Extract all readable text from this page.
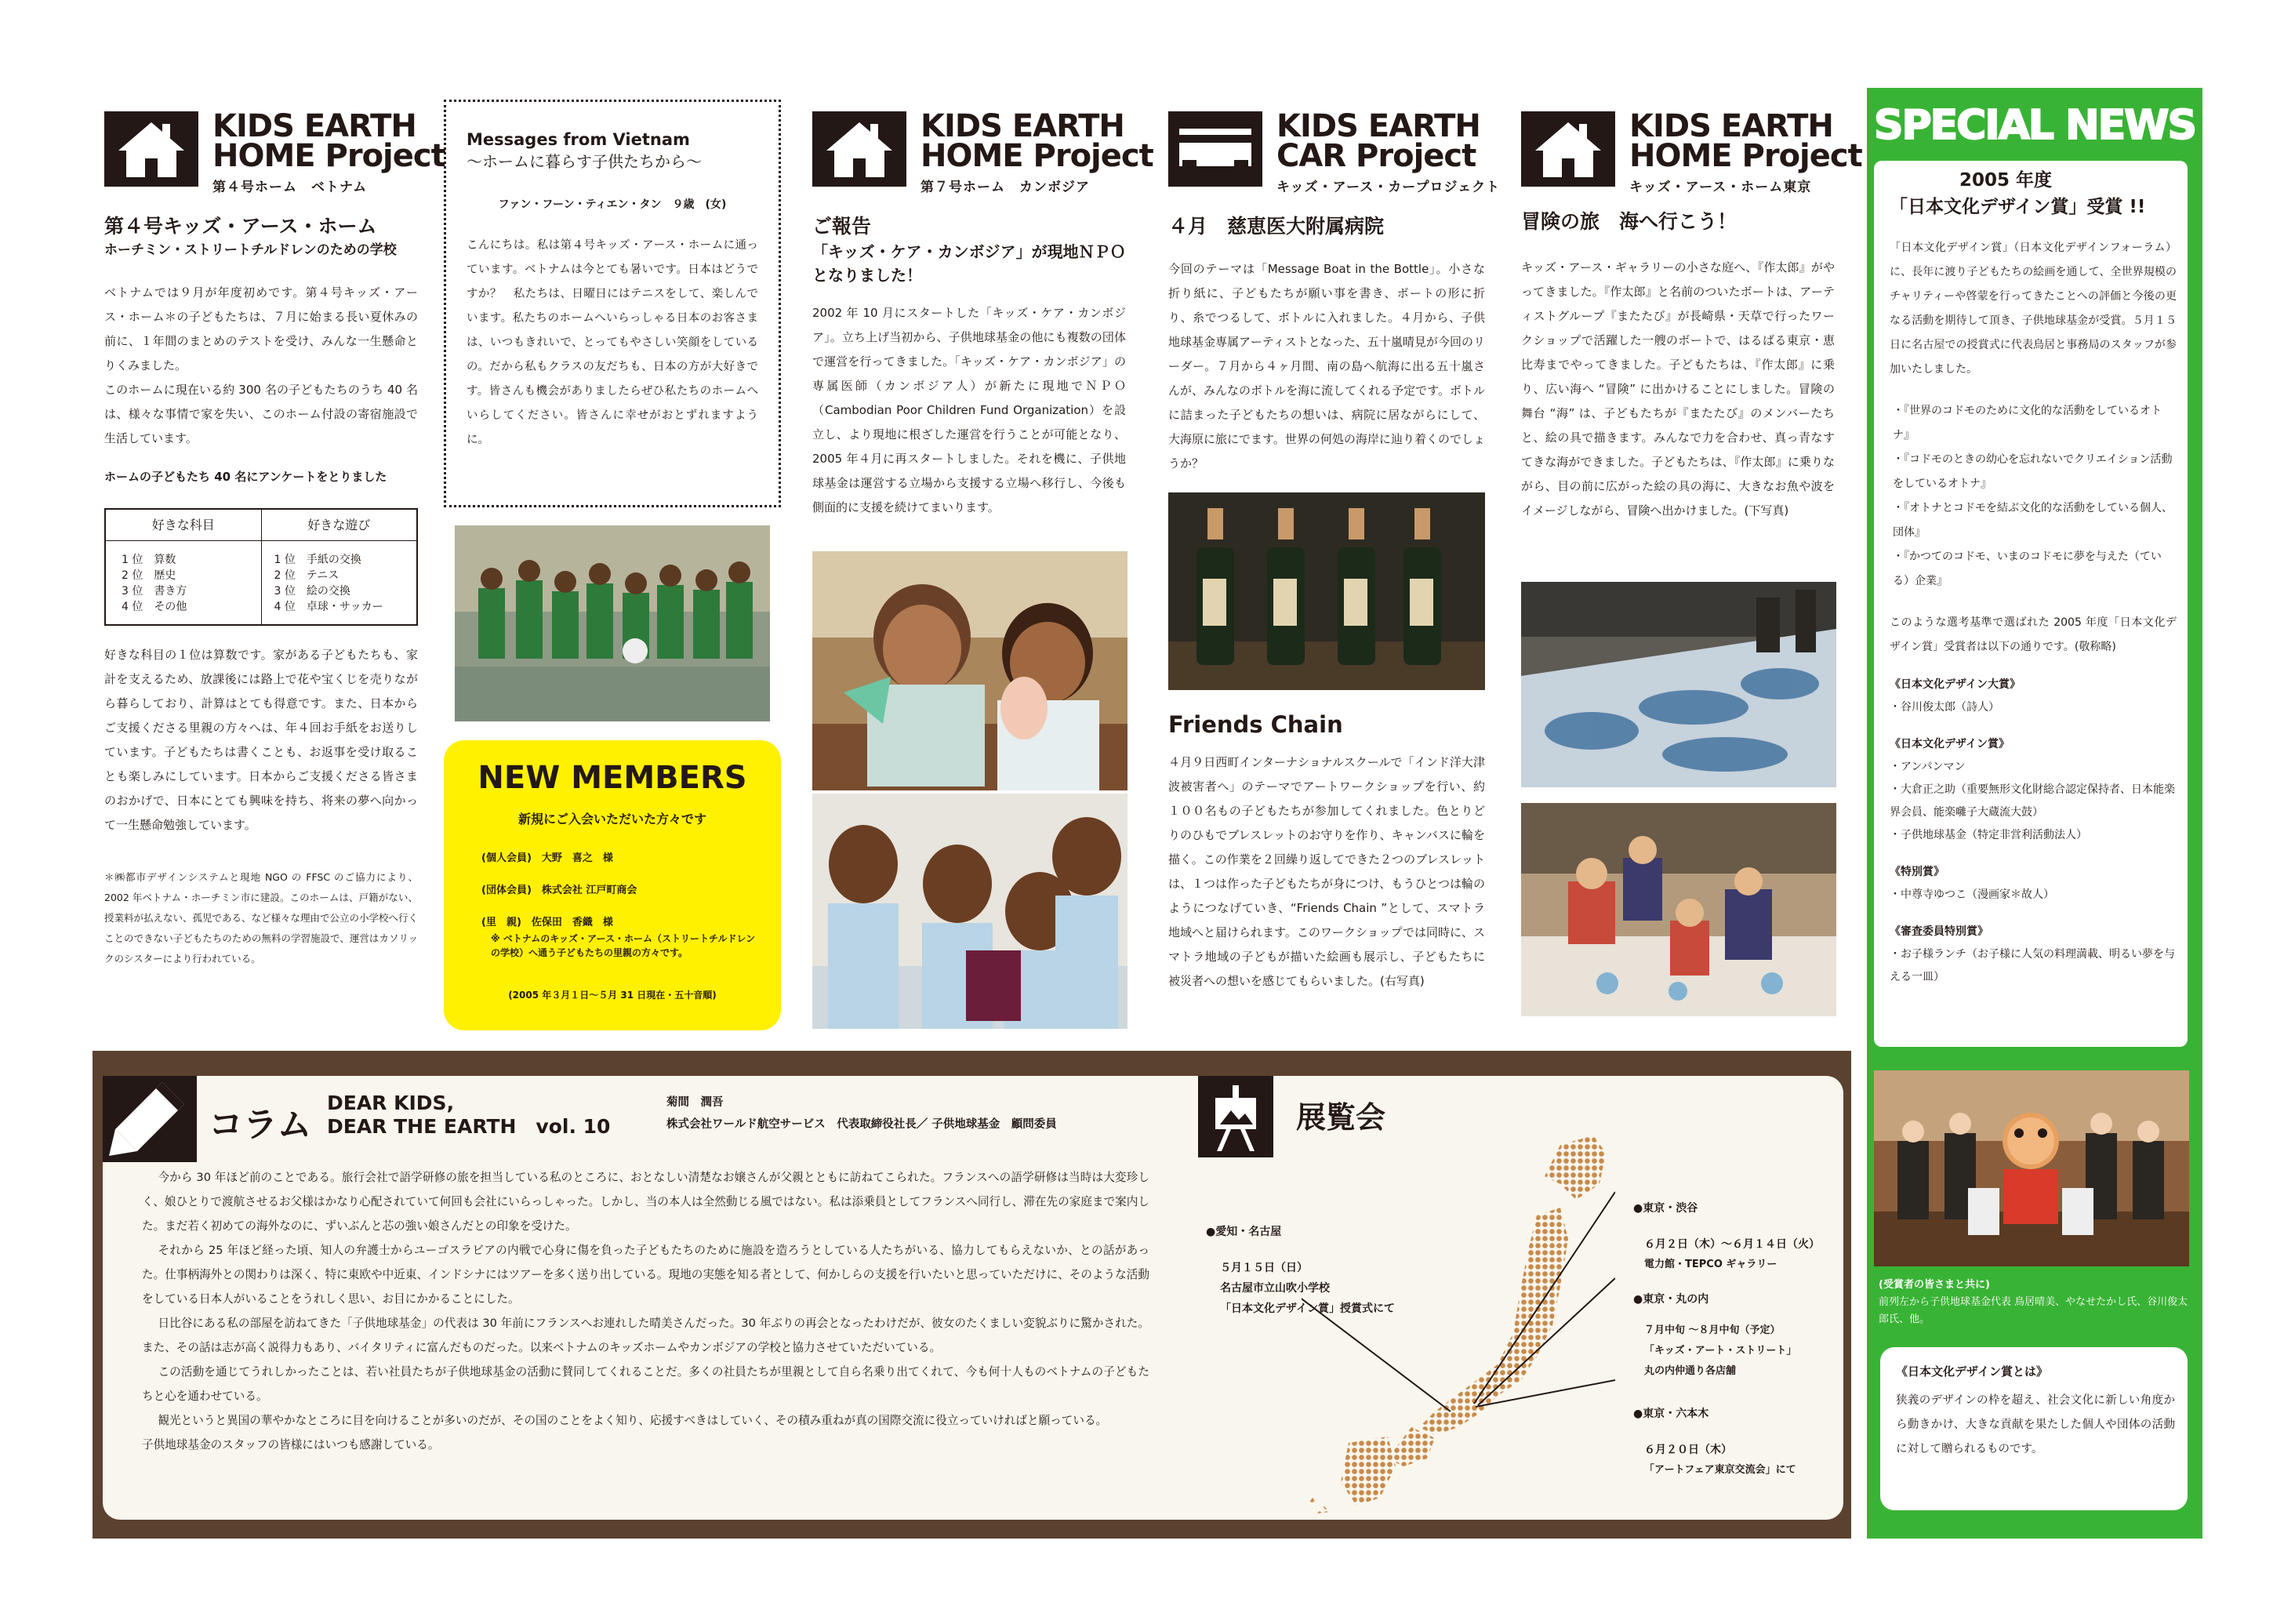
KIDS EARTH
HOME Project
第４号ホーム　ベトナム
第４号キッズ・アース・ホーム
ホーチミン・ストリートチルドレンのための学校

ベトナムでは９月が年度初めです。第４号キッズ・アース・ホーム＊の子どもたちは、７月に始まる長い夏休みの前に、１年間のまとめのテストを受け、みんな一生懸命とりくみました。

このホームに現在いる約 300 名の子どもたちのうち 40 名は、様々な事情で家を失い、このホーム付設の寄宿施設で生活しています。

ホームの子どもたち 40 名にアンケートをとりました

好きな科目
1 位　算数
2 位　歴史
3 位　書き方
4 位　その他
好きな遊び
1 位　手紙の交換
2 位　テニス
3 位　絵の交換
4 位　卓球・サッカー

好きな科目の１位は算数です。家がある子どもたちも、家計を支えるため、放課後には路上で花や宝くじを売りながら暮らしており、計算はとても得意です。また、日本からご支援くださる里親の方々へは、年４回お手紙をお送りしています。子どもたちは書くことも、お返事を受け取ることも楽しみにしています。日本からご支援くださる皆さまのおかげで、日本にとても興味を持ち、将来の夢へ向かって一生懸命勉強しています。

＊㈱都市デザインシステムと現地 NGO の FFSC のご協力により、2002 年ベトナム・ホーチミン市に建設。このホームは、戸籍がない、授業料が払えない、孤児である、など様々な理由で公立の小学校へ行くことのできない子どもたちのための無料の学習施設で、運営はカソリックのシスターにより行われている。

Messages from Vietnam
～ホームに暮らす子供たちから～
ファン・フーン・ティエン・タン　９歳　(女)

こんにちは。私は第４号キッズ・アース・ホームに通っています。ベトナムは今とても暑いです。日本はどうですか？　私たちは、日曜日にはテニスをして、楽しんでいます。私たちのホームへいらっしゃる日本のお客さまは、いつもきれいで、とってもやさしい笑顔をしているの。だから私もクラスの友だちも、日本の方が大好きです。皆さんも機会がありましたらぜひ私たちのホームへいらしてください。皆さんに幸せがおとずれますように。

NEW MEMBERS
新規にご入会いただいた方々です
(個人会員)　大野　喜之　様
(団体会員)　株式会社 江戸町商会
(里　親)　佐保田　香織　様
※ ベトナムのキッズ・アース・ホーム（ストリートチルドレンの学校）へ通う子どもたちの里親の方々です。
(2005 年３月１日～５月 31 日現在・五十音順)
KIDS EARTH
HOME Project
第７号ホーム　カンボジア
ご報告
「キッズ・ケア・カンボジア」が現地ＮＰＯとなりました！

2002 年 10 月にスタートした「キッズ・ケア・カンボジア」。立ち上げ当初から、子供地球基金の他にも複数の団体で運営を行ってきました。「キッズ・ケア・カンボジア」の専属医師（カンボジア人）が新たに現地でＮＰＯ（Cambodian Poor Children Fund Organization）を設立し、より現地に根ざした運営を行うことが可能となり、2005 年４月に再スタートしました。それを機に、子供地球基金は運営する立場から支援する立場へ移行し、今後も側面的に支援を続けてまいります。

KIDS EARTH
CAR Project
キッズ・アース・カープロジェクト
４月　慈恵医大附属病院

今回のテーマは「Message Boat in the Bottle」。小さな折り紙に、子どもたちが願い事を書き、ボートの形に折り、糸でつるして、ボトルに入れました。４月から、子供地球基金専属アーティストとなった、五十嵐晴見が今回のリーダー。７月から４ヶ月間、南の島へ航海に出る五十嵐さんが、みんなのボトルを海に流してくれる予定です。ボトルに詰まった子どもたちの想いは、病院に居ながらにして、大海原に旅にでます。世界の何処の海岸に辿り着くのでしょうか？

Friends Chain

４月９日西町インターナショナルスクールで「インド洋大津波被害者へ」のテーマでアートワークショップを行い、約１００名もの子どもたちが参加してくれました。色とりどりのひもでブレスレットのお守りを作り、キャンバスに輪を描く。この作業を２回繰り返してできた２つのブレスレットは、１つは作った子どもたちが身につけ、もうひとつは輪のようにつなげていき、“Friends Chain ”として、スマトラ地域へと届けられます。このワークショップでは同時に、スマトラ地域の子どもが描いた絵画も展示し、子どもたちに被災者への想いを感じてもらいました。(右写真)

KIDS EARTH
HOME Project
キッズ・アース・ホーム東京
冒険の旅　海へ行こう！

キッズ・アース・ギャラリーの小さな庭へ、『作太郎』がやってきました。『作太郎』と名前のついたボートは、アーティストグループ『またたび』が長崎県・天草で行ったワークショップで活躍した一艘のボートで、はるばる東京・恵比寿までやってきました。子どもたちは、『作太郎』に乗り、広い海へ “冒険” に出かけることにしました。冒険の舞台 “海” は、子どもたちが『またたび』のメンバーたちと、絵の具で描きます。みんなで力を合わせ、真っ青なすてきな海ができました。子どもたちは、『作太郎』に乗りながら、目の前に広がった絵の具の海に、大きなお魚や波をイメージしながら、冒険へ出かけました。(下写真)

SPECIAL NEWS
2005 年度
「日本文化デザイン賞」受賞 !!

「日本文化デザイン賞」（日本文化デザインフォーラム）に、長年に渡り子どもたちの絵画を通して、全世界規模のチャリティーや啓蒙を行ってきたことへの評価と今後の更なる活動を期待して頂き、子供地球基金が受賞。５月１５日に名古屋での授賞式に代表鳥居と事務局のスタッフが参加いたしました。

・『世界のコドモのために文化的な活動をしているオトナ』
・『コドモのときの幼心を忘れないでクリエイション活動をしているオトナ』
・『オトナとコドモを結ぶ文化的な活動をしている個人、団体』
・『かつてのコドモ、いまのコドモに夢を与えた（ている）企業』

このような選考基準で選ばれた 2005 年度「日本文化デザイン賞」受賞者は以下の通りです。(敬称略)

《日本文化デザイン大賞》
・谷川俊太郎（詩人）
《日本文化デザイン賞》
・アンパンマン
・大倉正之助（重要無形文化財総合認定保持者、日本能楽界会員、能楽囃子大蔵流大鼓）
・子供地球基金（特定非営利活動法人）
《特別賞》
・中尊寺ゆつこ（漫画家＊故人）
《審査委員特別賞》
・お子様ランチ（お子様に人気の料理満載、明るい夢を与える一皿）
(受賞者の皆さまと共に)
前列左から子供地球基金代表 鳥居晴美、やなせたかし氏、谷川俊太郎氏、他。
《日本文化デザイン賞とは》

狭義のデザインの枠を超え、社会文化に新しい角度から動きかけ、大きな貢献を果たした個人や団体の活動に対して贈られるものです。

コラム
DEAR KIDS,
DEAR THE EARTH　vol. 10
菊間　潤吾
株式会社ワールド航空サービス　代表取締役社長／ 子供地球基金　顧問委員

今から 30 年ほど前のことである。旅行会社で語学研修の旅を担当している私のところに、おとなしい清楚なお嬢さんが父親とともに訪ねてこられた。フランスへの語学研修は当時は大変珍しく、娘ひとりで渡航させるお父様はかなり心配されていて何回も会社にいらっしゃった。しかし、当の本人は全然動じる風ではない。私は添乗員としてフランスへ同行し、滞在先の家庭まで案内した。まだ若く初めての海外なのに、ずいぶんと芯の強い娘さんだとの印象を受けた。

それから 25 年ほど経った頃、知人の弁護士からユーゴスラビアの内戦で心身に傷を負った子どもたちのために施設を造ろうとしている人たちがいる、協力してもらえないか、との話があった。仕事柄海外との関わりは深く、特に東欧や中近東、インドシナにはツアーを多く送り出している。現地の実態を知る者として、何かしらの支援を行いたいと思っていただけに、そのような活動をしている日本人がいることをうれしく思い、お目にかかることにした。

日比谷にある私の部屋を訪ねてきた「子供地球基金」の代表は 30 年前にフランスへお連れした晴美さんだった。30 年ぶりの再会となったわけだが、彼女のたくましい変貌ぶりに驚かされた。また、その話は志が高く説得力もあり、バイタリティに富んだものだった。以来ベトナムのキッズホームやカンボジアの学校と協力させていただいている。

この活動を通じてうれしかったことは、若い社員たちが子供地球基金の活動に賛同してくれることだ。多くの社員たちが里親として自ら名乗り出てくれて、今も何十人ものベトナムの子どもたちと心を通わせている。

観光というと異国の華やかなところに目を向けることが多いのだが、その国のことをよく知り、応援すべきはしていく、その積み重ねが真の国際交流に役立っていければと願っている。

子供地球基金のスタッフの皆様にはいつも感謝している。

展覧会
●愛知・名古屋
５月１５日（日）
名古屋市立山吹小学校
「日本文化デザイン賞」授賞式にて
●東京・渋谷
６月２日（木）～６月１４日（火）
電力館・TEPCO ギャラリー
●東京・丸の内
７月中旬 ～８月中旬（予定）
「キッズ・アート・ストリート」
丸の内仲通り各店舗
●東京・六本木
６月２０日（木）
「アートフェア東京交流会」にて
